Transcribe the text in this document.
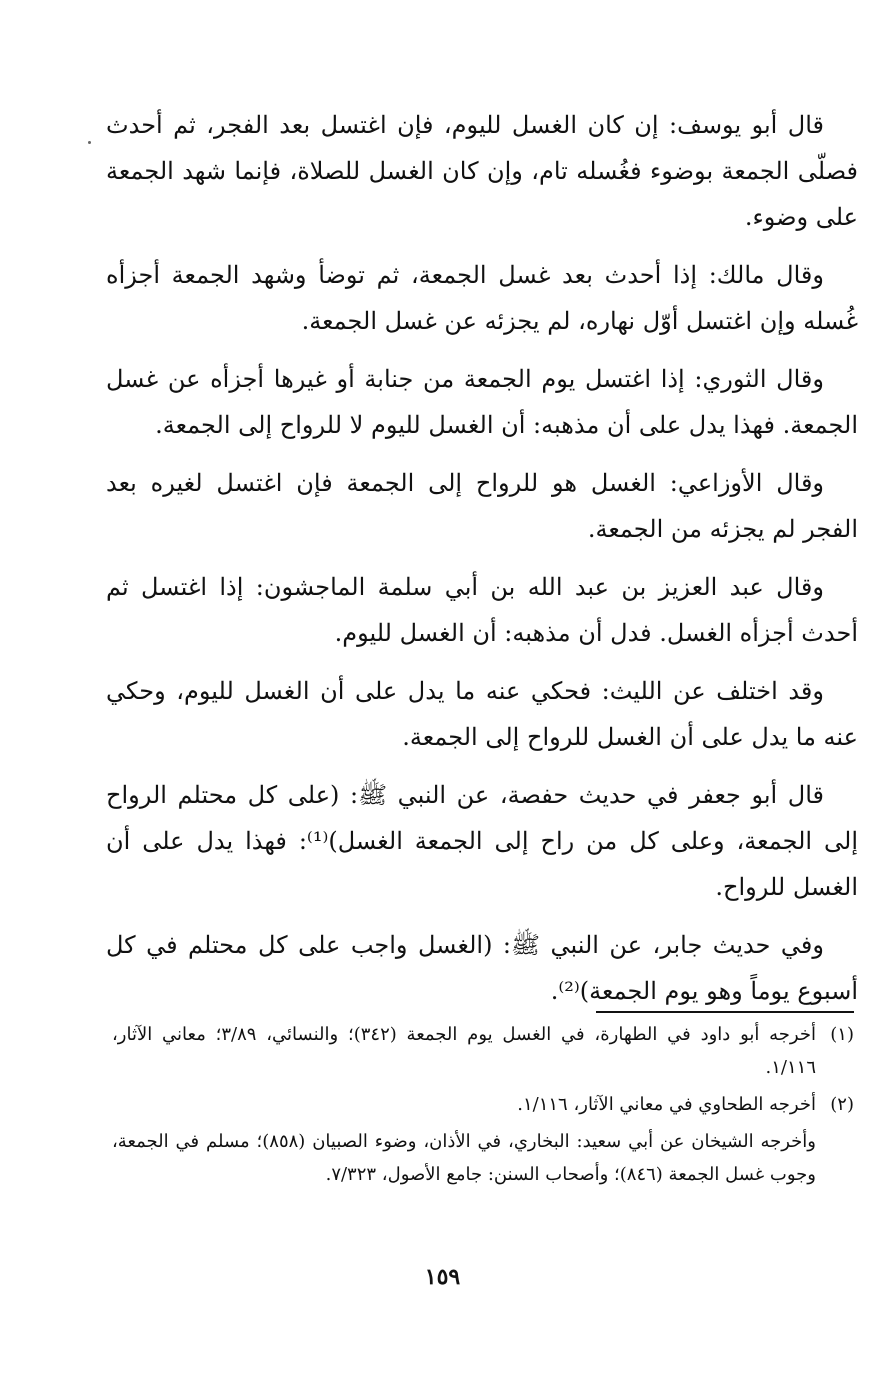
قال أبو يوسف: إن كان الغسل لليوم، فإن اغتسل بعد الفجر، ثم أحدث فصلّى الجمعة بوضوء فغُسله تام، وإن كان الغسل للصلاة، فإنما شهد الجمعة على وضوء.

وقال مالك: إذا أحدث بعد غسل الجمعة، ثم توضأ وشهد الجمعة أجزأه غُسله وإن اغتسل أوّل نهاره، لم يجزئه عن غسل الجمعة.

وقال الثوري: إذا اغتسل يوم الجمعة من جنابة أو غيرها أجزأه عن غسل الجمعة. فهذا يدل على أن مذهبه: أن الغسل لليوم لا للرواح إلى الجمعة.

وقال الأوزاعي: الغسل هو للرواح إلى الجمعة فإن اغتسل لغيره بعد الفجر لم يجزئه من الجمعة.

وقال عبد العزيز بن عبد الله بن أبي سلمة الماجشون: إذا اغتسل ثم أحدث أجزأه الغسل. فدل أن مذهبه: أن الغسل لليوم.

وقد اختلف عن الليث: فحكي عنه ما يدل على أن الغسل لليوم، وحكي عنه ما يدل على أن الغسل للرواح إلى الجمعة.

قال أبو جعفر في حديث حفصة، عن النبي ﷺ: (على كل محتلم الرواح إلى الجمعة، وعلى كل من راح إلى الجمعة الغسل)⁽¹⁾: فهذا يدل على أن الغسل للرواح.

وفي حديث جابر، عن النبي ﷺ: (الغسل واجب على كل محتلم في كل أسبوع يوماً وهو يوم الجمعة)⁽²⁾.

(١)
أخرجه أبو داود في الطهارة، في الغسل يوم الجمعة (٣٤٢)؛ والنسائي، ٣/٨٩؛ معاني الآثار، ١/١١٦.
(٢)
أخرجه الطحاوي في معاني الآثار، ١/١١٦.
وأخرجه الشيخان عن أبي سعيد: البخاري، في الأذان، وضوء الصبيان (٨٥٨)؛ مسلم في الجمعة، وجوب غسل الجمعة (٨٤٦)؛ وأصحاب السنن: جامع الأصول، ٧/٣٢٣.
١٥٩
